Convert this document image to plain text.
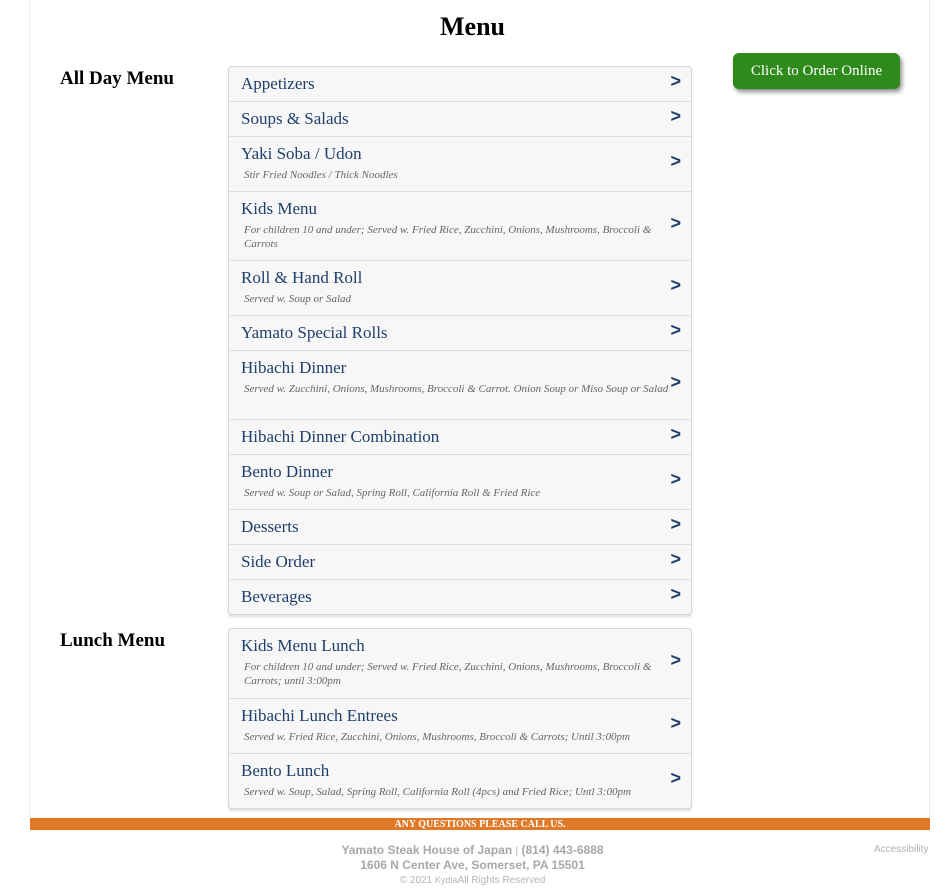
Menu
Click to Order Online
All Day Menu	Appetizers	>
Soups & Salads	>
Yaki Soba / Udon
Stir Fried Noodles / Thick Noodles
>
Kids Menu
For children 10 and under; Served w. Fried Rice, Zucchini, Onions, Mushrooms, Broccoli & Carrots
>
Roll & Hand Roll
Served w. Soup or Salad
>
Yamato Special Rolls	>
Hibachi Dinner
Served w. Zucchini, Onions, Mushrooms, Broccoli & Carrot. Onion Soup or Miso Soup or Salad >
Hibachi Dinner Combination	>
Bento Dinner
Served w. Soup or Salad, Spring Roll, California Roll & Fried Rice
>
Desserts	>
Side Order	>
Beverages	>
Lunch Menu	Kids Menu Lunch
For children 10 and under; Served w. Fried Rice, Zucchini, Onions, Mushrooms, Broccoli & Carrots; until 3:00pm
>
Hibachi Lunch Entrees
Served w. Fried Rice, Zucchini, Onions, Mushrooms, Broccoli & Carrots; Until 3:00pm
>
Bento Lunch
Served w. Soup, Salad, Spring Roll, California Roll (4pcs) and Fried Rice; Untl 3:00pm
>
ANY QUESTIONS PLEASE CALL US.
Yamato Steak House of Japan | (814) 443-6888
1606 N Center Ave, Somerset, PA 15501
© 2021 KydiaAll Rights Reserved
Accessibility
